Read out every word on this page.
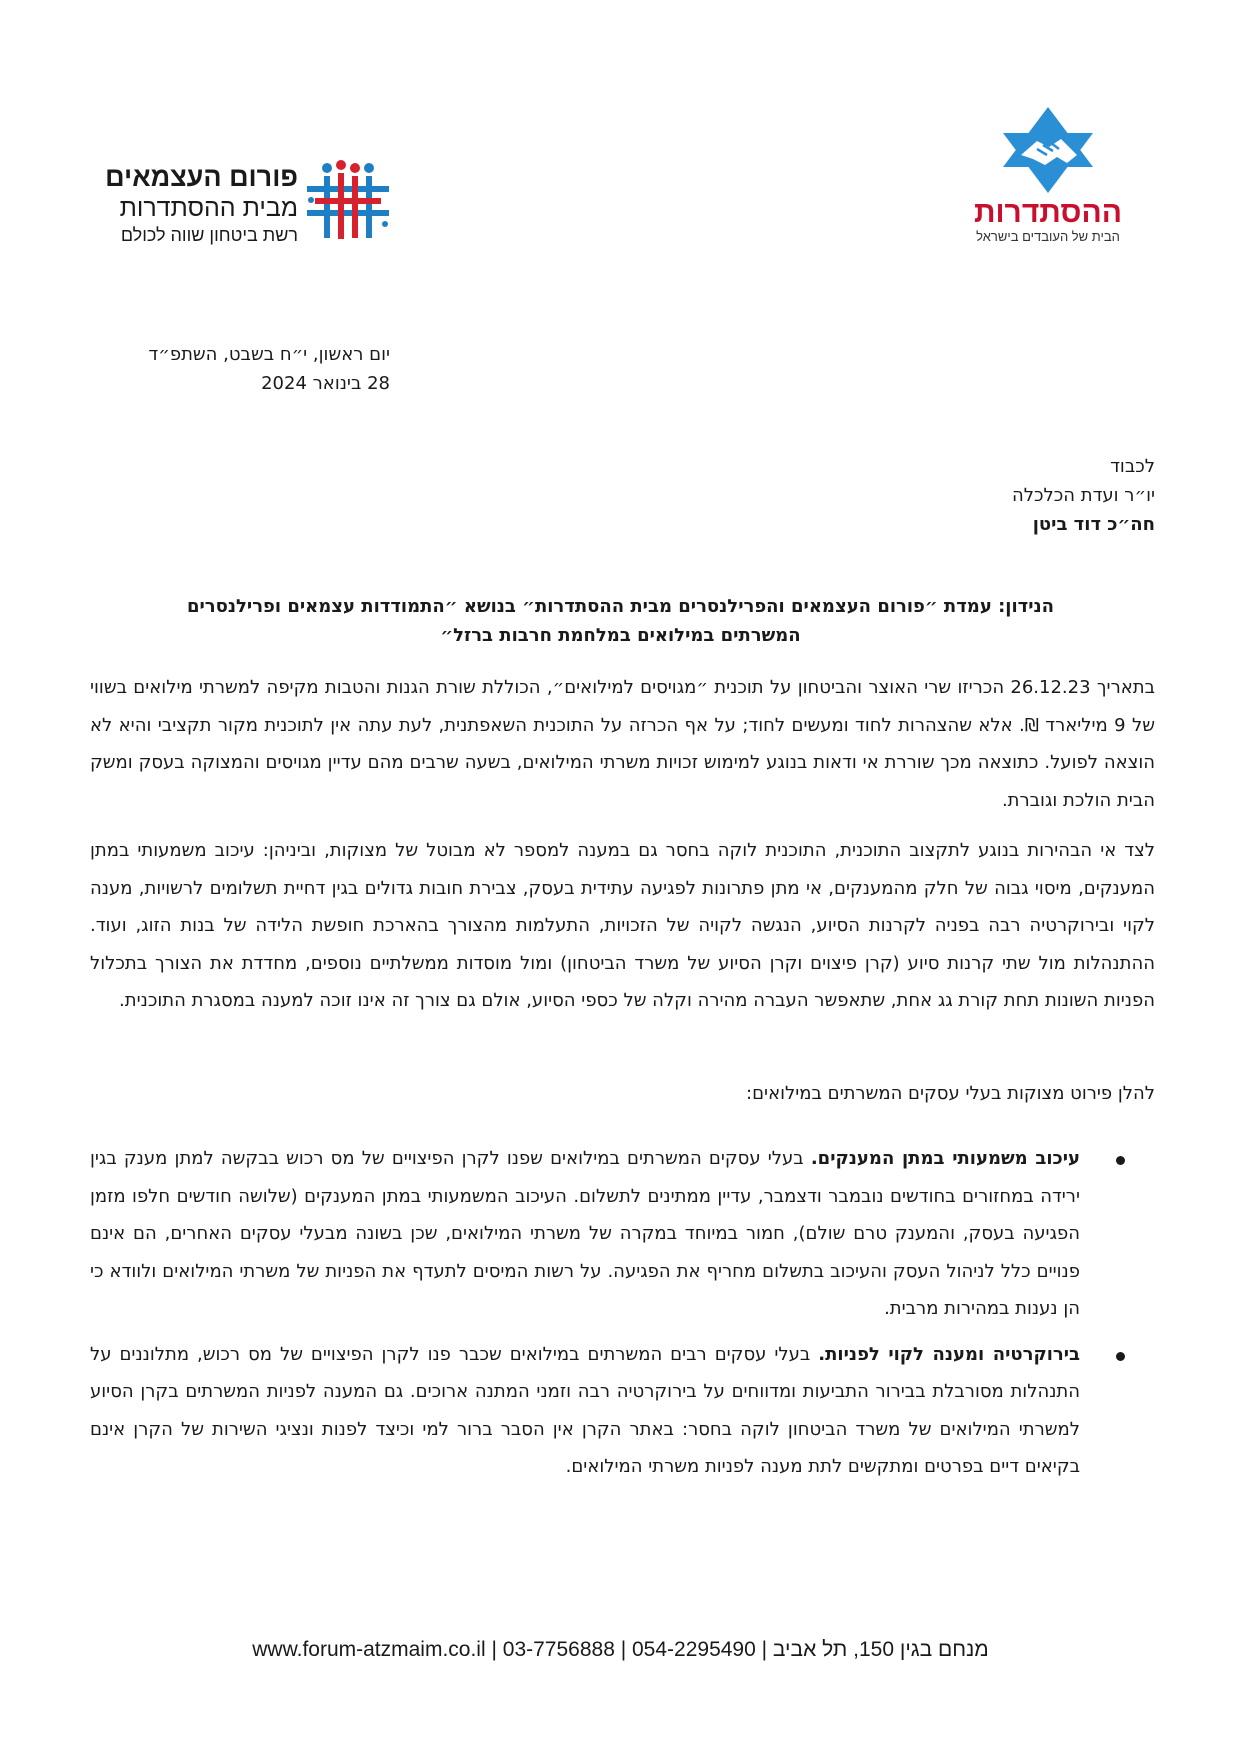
ההסתדרות
הבית של העובדים בישראל
פורום העצמאים
מבית ההסתדרות
רשת ביטחון שווה לכולם
יום ראשון, י״ח בשבט, השתפ״ד
28 בינואר 2024
לכבוד
יו״ר ועדת הכלכלה
חה״כ דוד ביטן
הנידון: עמדת ״פורום העצמאים והפרילנסרים מבית ההסתדרות״ בנושא ״התמודדות עצמאים ופרילנסרים
המשרתים במילואים במלחמת חרבות ברזל״
בתאריך 26.12.23 הכריזו שרי האוצר והביטחון על תוכנית ״מגויסים למילואים״, הכוללת שורת הגנות והטבות מקיפה למשרתי מילואים בשווי של 9 מיליארד ₪. אלא שהצהרות לחוד ומעשים לחוד; על אף הכרזה על התוכנית השאפתנית, לעת עתה אין לתוכנית מקור תקציבי והיא לא הוצאה לפועל. כתוצאה מכך שוררת אי ודאות בנוגע למימוש זכויות משרתי המילואים, בשעה שרבים מהם עדיין מגויסים והמצוקה בעסק ומשק הבית הולכת וגוברת.
לצד אי הבהירות בנוגע לתקצוב התוכנית, התוכנית לוקה בחסר גם במענה למספר לא מבוטל של מצוקות, וביניהן: עיכוב משמעותי במתן המענקים, מיסוי גבוה של חלק מהמענקים, אי מתן פתרונות לפגיעה עתידית בעסק, צבירת חובות גדולים בגין דחיית תשלומים לרשויות, מענה לקוי ובירוקרטיה רבה בפניה לקרנות הסיוע, הנגשה לקויה של הזכויות, התעלמות מהצורך בהארכת חופשת הלידה של בנות הזוג, ועוד. ההתנהלות מול שתי קרנות סיוע (קרן פיצוים וקרן הסיוע של משרד הביטחון) ומול מוסדות ממשלתיים נוספים, מחדדת את הצורך בתכלול הפניות השונות תחת קורת גג אחת, שתאפשר העברה מהירה וקלה של כספי הסיוע, אולם גם צורך זה אינו זוכה למענה במסגרת התוכנית.
להלן פירוט מצוקות בעלי עסקים המשרתים במילואים:
עיכוב משמעותי במתן המענקים. בעלי עסקים המשרתים במילואים שפנו לקרן הפיצויים של מס רכוש בבקשה למתן מענק בגין ירידה במחזורים בחודשים נובמבר ודצמבר, עדיין ממתינים לתשלום. העיכוב המשמעותי במתן המענקים (שלושה חודשים חלפו מזמן הפגיעה בעסק, והמענק טרם שולם), חמור במיוחד במקרה של משרתי המילואים, שכן בשונה מבעלי עסקים האחרים, הם אינם פנויים כלל לניהול העסק והעיכוב בתשלום מחריף את הפגיעה. על רשות המיסים לתעדף את הפניות של משרתי המילואים ולוודא כי הן נענות במהירות מרבית.
בירוקרטיה ומענה לקוי לפניות. בעלי עסקים רבים המשרתים במילואים שכבר פנו לקרן הפיצויים של מס רכוש, מתלוננים על התנהלות מסורבלת בבירור התביעות ומדווחים על בירוקרטיה רבה וזמני המתנה ארוכים. גם המענה לפניות המשרתים בקרן הסיוע למשרתי המילואים של משרד הביטחון לוקה בחסר: באתר הקרן אין הסבר ברור למי וכיצד לפנות ונציגי השירות של הקרן אינם בקיאים דיים בפרטים ומתקשים לתת מענה לפניות משרתי המילואים.
מנחם בגין 150, תל אביב | 054-2295490 | 03-7756888 | www.forum-atzmaim.co.il
